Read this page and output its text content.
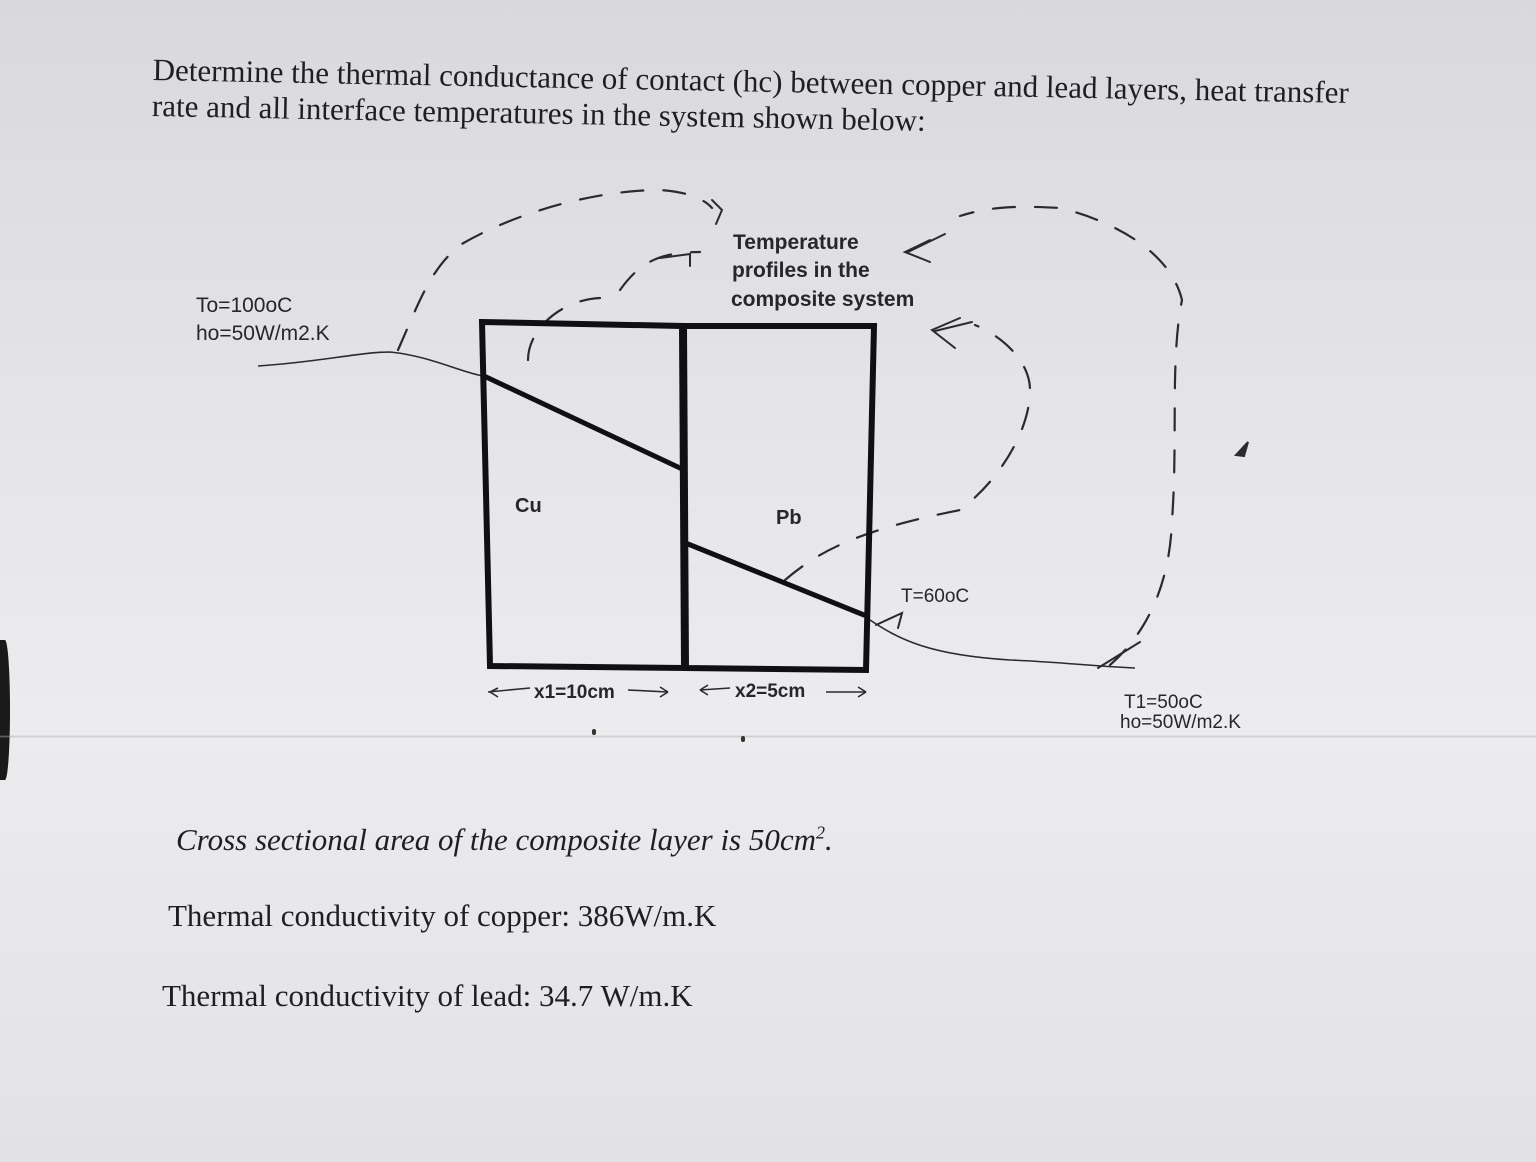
Determine the thermal conductance of contact (hc) between copper and lead layers, heat transfer rate and all interface temperatures in the system shown below:
Temperature
profiles in the
composite system
To=100oC
ho=50W/m2.K
Cu
Pb
T=60oC
x1=10cm	x2=5cm
T1=50oC
ho=50W/m2.K
Cross sectional area of the composite layer is $50cm^2$.
Thermal conductivity of copper: 386W/m.K
Thermal conductivity of lead: 34.7 W/m.K
